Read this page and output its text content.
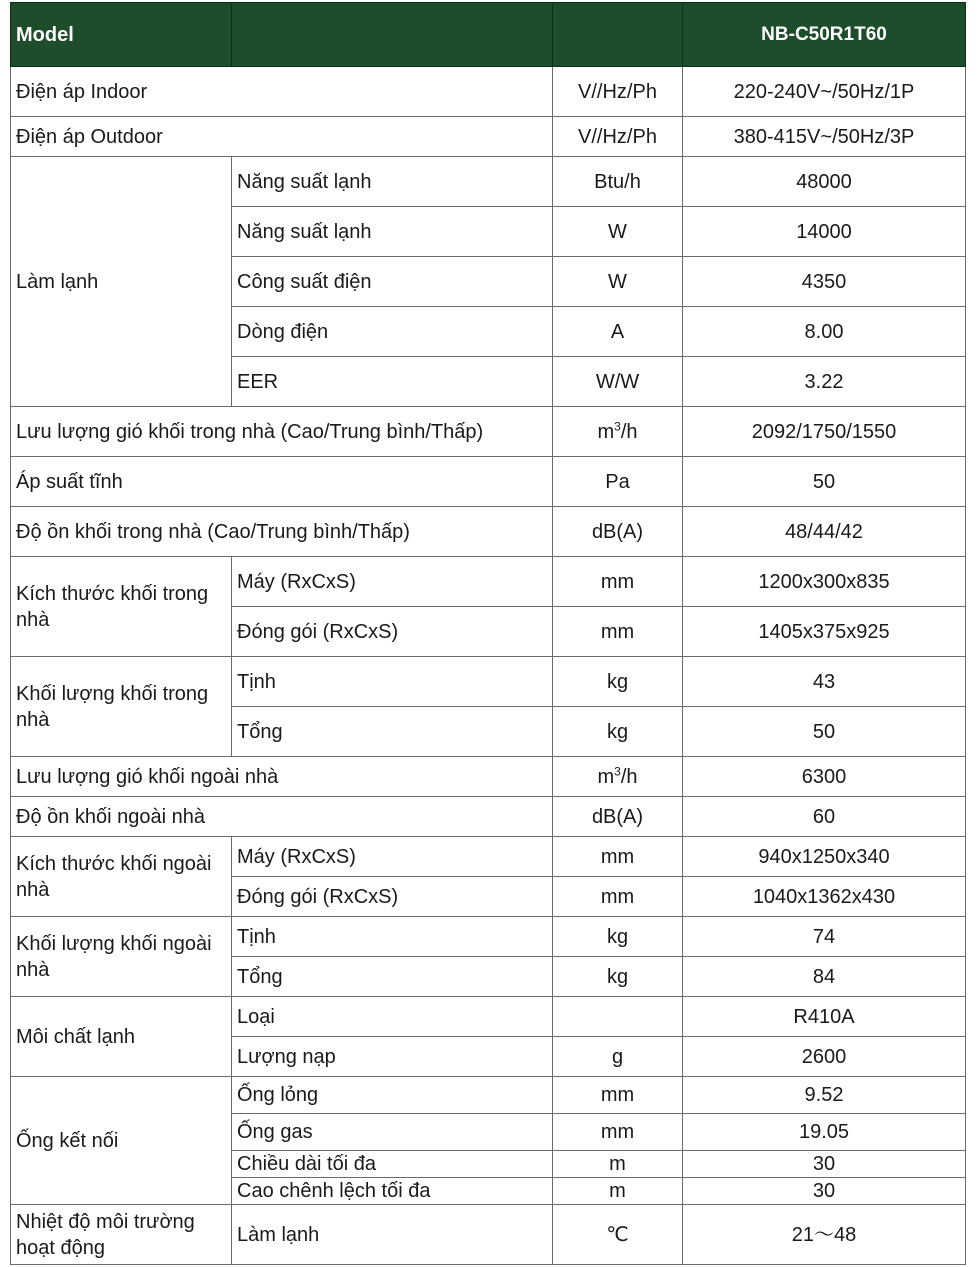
Model			NB-C50R1T60
Điện áp Indoor		V//Hz/Ph	220-240V~/50Hz/1P
Điện áp Outdoor		V//Hz/Ph	380-415V~/50Hz/3P
Làm lạnh	Năng suất lạnh	Btu/h	48000
	Năng suất lạnh	W	14000
	Công suất điện	W	4350
	Dòng điện	A	8.00
	EER	W/W	3.22
Lưu lượng gió khối trong nhà (Cao/Trung bình/Thấp)		$m^3/h$	2092/1750/1550
Áp suất tĩnh		Pa	50
Độ ồn khối trong nhà (Cao/Trung bình/Thấp)		dB(A)	48/44/42
Kích thước khối trong nhà	Máy (RxCxS)	mm	1200x300x835
	Đóng gói (RxCxS)	mm	1405x375x925
Khối lượng khối trong nhà	Tịnh	kg	43
	Tổng	kg	50
Lưu lượng gió khối ngoài nhà		$m^3/h$	6300
Độ ồn khối ngoài nhà		dB(A)	60
Kích thước khối ngoài nhà	Máy (RxCxS)	mm	940x1250x340
	Đóng gói (RxCxS)	mm	1040x1362x430
Khối lượng khối ngoài nhà	Tịnh	kg	74
	Tổng	kg	84
Môi chất lạnh	Loại		R410A
	Lượng nạp	g	2600
Ống kết nối	Ống lỏng	mm	9.52
	Ống gas	mm	19.05
	Chiều dài tối đa	m	30
	Cao chênh lệch tối đa	m	30
Nhiệt độ môi trường hoạt động	Làm lạnh	℃	21～48
